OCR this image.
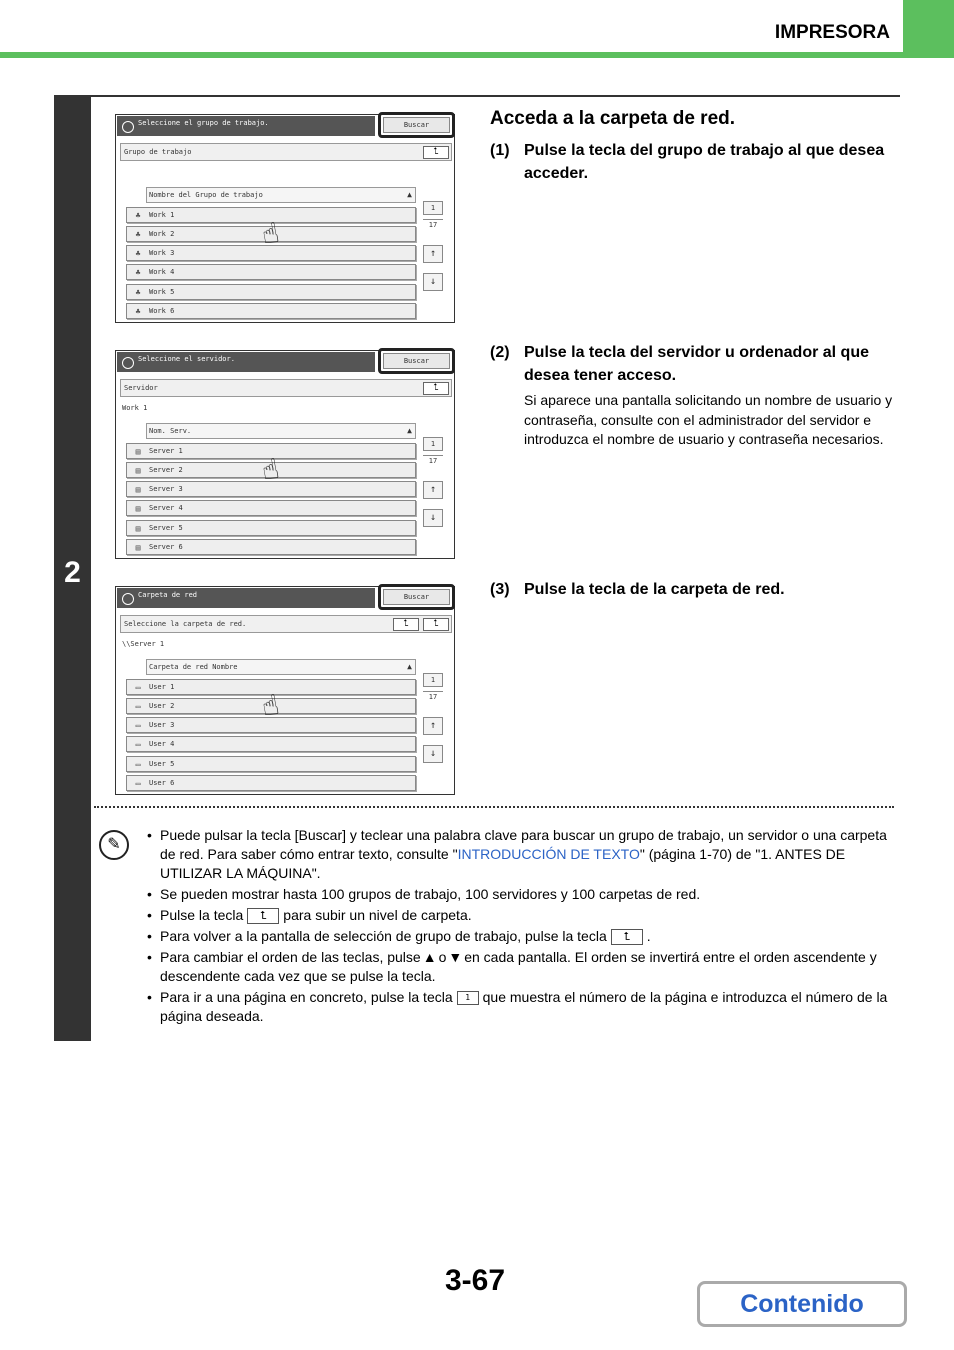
IMPRESORA
2
Acceda a la carpeta de red.
(1) Pulse la tecla del grupo de trabajo al que desea acceder.
(2) Pulse la tecla del servidor u ordenador al que desea tener acceso.
Si aparece una pantalla solicitando un nombre de usuario y contraseña, consulte con el administrador del servidor e introduzca el nombre de usuario y contraseña necesarios.
(3) Pulse la tecla de la carpeta de red.
Seleccione el grupo de trabajo.	Buscar
Grupo de trabajo	⮤
Nombre del Grupo de trabajo	▲
♣	Work 1
♣	Work 2
♣	Work 3
♣	Work 4
♣	Work 5
♣	Work 6
1
17
↑
↓
☝
Seleccione el servidor.	Buscar
Servidor	⮤
Work 1
Nom. Serv.	▲
▤	Server 1
▤	Server 2
▤	Server 3
▤	Server 4
▤	Server 5
▤	Server 6
1
17
↑
↓
☝
Carpeta de red	Buscar
Seleccione la carpeta de red.	⮤	⮤
\\Server 1
Carpeta de red Nombre	▲
▭	User 1
▭	User 2
▭	User 3
▭	User 4
▭	User 5
▭	User 6
1
17
↑
↓
☝
✎
• Puede pulsar la tecla [Buscar] y teclear una palabra clave para buscar un grupo de trabajo, un servidor o una carpeta de red. Para saber cómo entrar texto, consulte "INTRODUCCIÓN DE TEXTO" (página 1-70) de "1. ANTES DE UTILIZAR LA MÁQUINA".
• Se pueden mostrar hasta 100 grupos de trabajo, 100 servidores y 100 carpetas de red.
• Pulse la tecla ⮤ para subir un nivel de carpeta.
• Para volver a la pantalla de selección de grupo de trabajo, pulse la tecla ⮤ .
• Para cambiar el orden de las teclas, pulse ▲ o ▼ en cada pantalla. El orden se invertirá entre el orden ascendente y descendente cada vez que se pulse la tecla.
• Para ir a una página en concreto, pulse la tecla 1 que muestra el número de la página e introduzca el número de la página deseada.
3-67
Contenido
